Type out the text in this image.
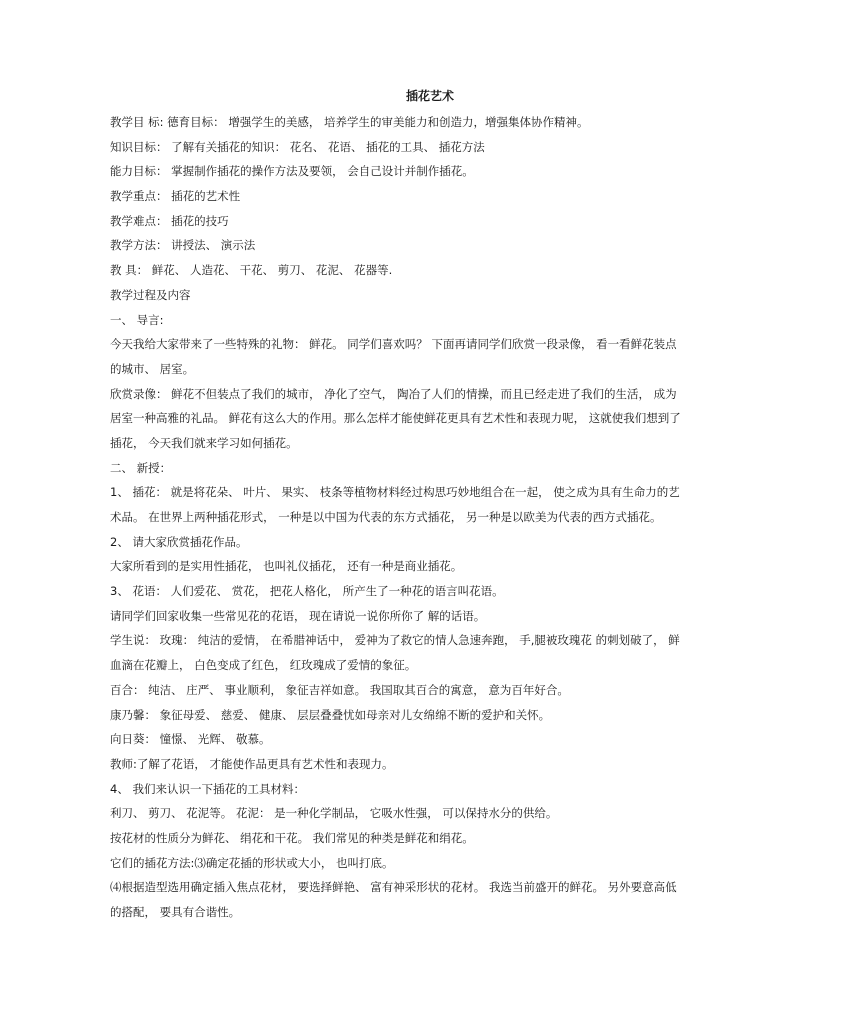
插花艺术
教学目 标: 德育目标： 增强学生的美感， 培养学生的审美能力和创造力，增强集体协作精神。
知识目标： 了解有关插花的知识： 花名、 花语、 插花的工具、 插花方法
能力目标： 掌握制作插花的操作方法及要领， 会自己设计并制作插花。
教学重点： 插花的艺术性
教学难点： 插花的技巧
教学方法： 讲授法、 演示法
教 具： 鲜花、 人造花、 干花、 剪刀、 花泥、 花器等.
教学过程及内容
一、 导言:
今天我给大家带来了一些特殊的礼物： 鲜花。 同学们喜欢吗？ 下面再请同学们欣赏一段录像， 看一看鲜花装点
的城市、 居室。
欣赏录像： 鲜花不但装点了我们的城市， 净化了空气， 陶冶了人们的情操，而且已经走进了我们的生活， 成为
居室一种高雅的礼品。 鲜花有这么大的作用。那么怎样才能使鲜花更具有艺术性和表现力呢， 这就使我们想到了
插花， 今天我们就来学习如何插花。
二、 新授：
1、 插花： 就是将花朵、 叶片、 果实、 枝条等植物材料经过构思巧妙地组合在一起， 使之成为具有生命力的艺
术品。 在世界上两种插花形式， 一种是以中国为代表的东方式插花， 另一种是以欧美为代表的西方式插花。
2、 请大家欣赏插花作品。
大家所看到的是实用性插花， 也叫礼仪插花， 还有一种是商业插花。
3、 花语： 人们爱花、 赏花， 把花人格化， 所产生了一种花的语言叫花语。
请同学们回家收集一些常见花的花语， 现在请说一说你所你了 解的话语。
学生说： 玫瑰： 纯洁的爱情， 在希腊神话中， 爱神为了救它的情人急速奔跑， 手,腿被玫瑰花 的刺划破了， 鲜
血滴在花瓣上， 白色变成了红色， 红玫瑰成了爱情的象征。
百合： 纯洁、 庄严、 事业顺利， 象征吉祥如意。 我国取其百合的寓意， 意为百年好合。
康乃馨： 象征母爱、 慈爱、 健康、 层层叠叠忧如母亲对儿女绵绵不断的爱护和关怀。
向日葵： 憧憬、 光辉、 敬慕。
教师:了解了花语， 才能使作品更具有艺术性和表现力。
4、 我们来认识一下插花的工具材料：
利刀、 剪刀、 花泥等。 花泥： 是一种化学制品， 它吸水性强， 可以保持水分的供给。
按花材的性质分为鲜花、 绢花和干花。 我们常见的种类是鲜花和绢花。
它们的插花方法:⑶确定花插的形状或大小， 也叫打底。
⑷根据造型选用确定插入焦点花材， 要选择鲜艳、 富有神采形状的花材。 我选当前盛开的鲜花。 另外要意高低
的搭配， 要具有合谐性。
